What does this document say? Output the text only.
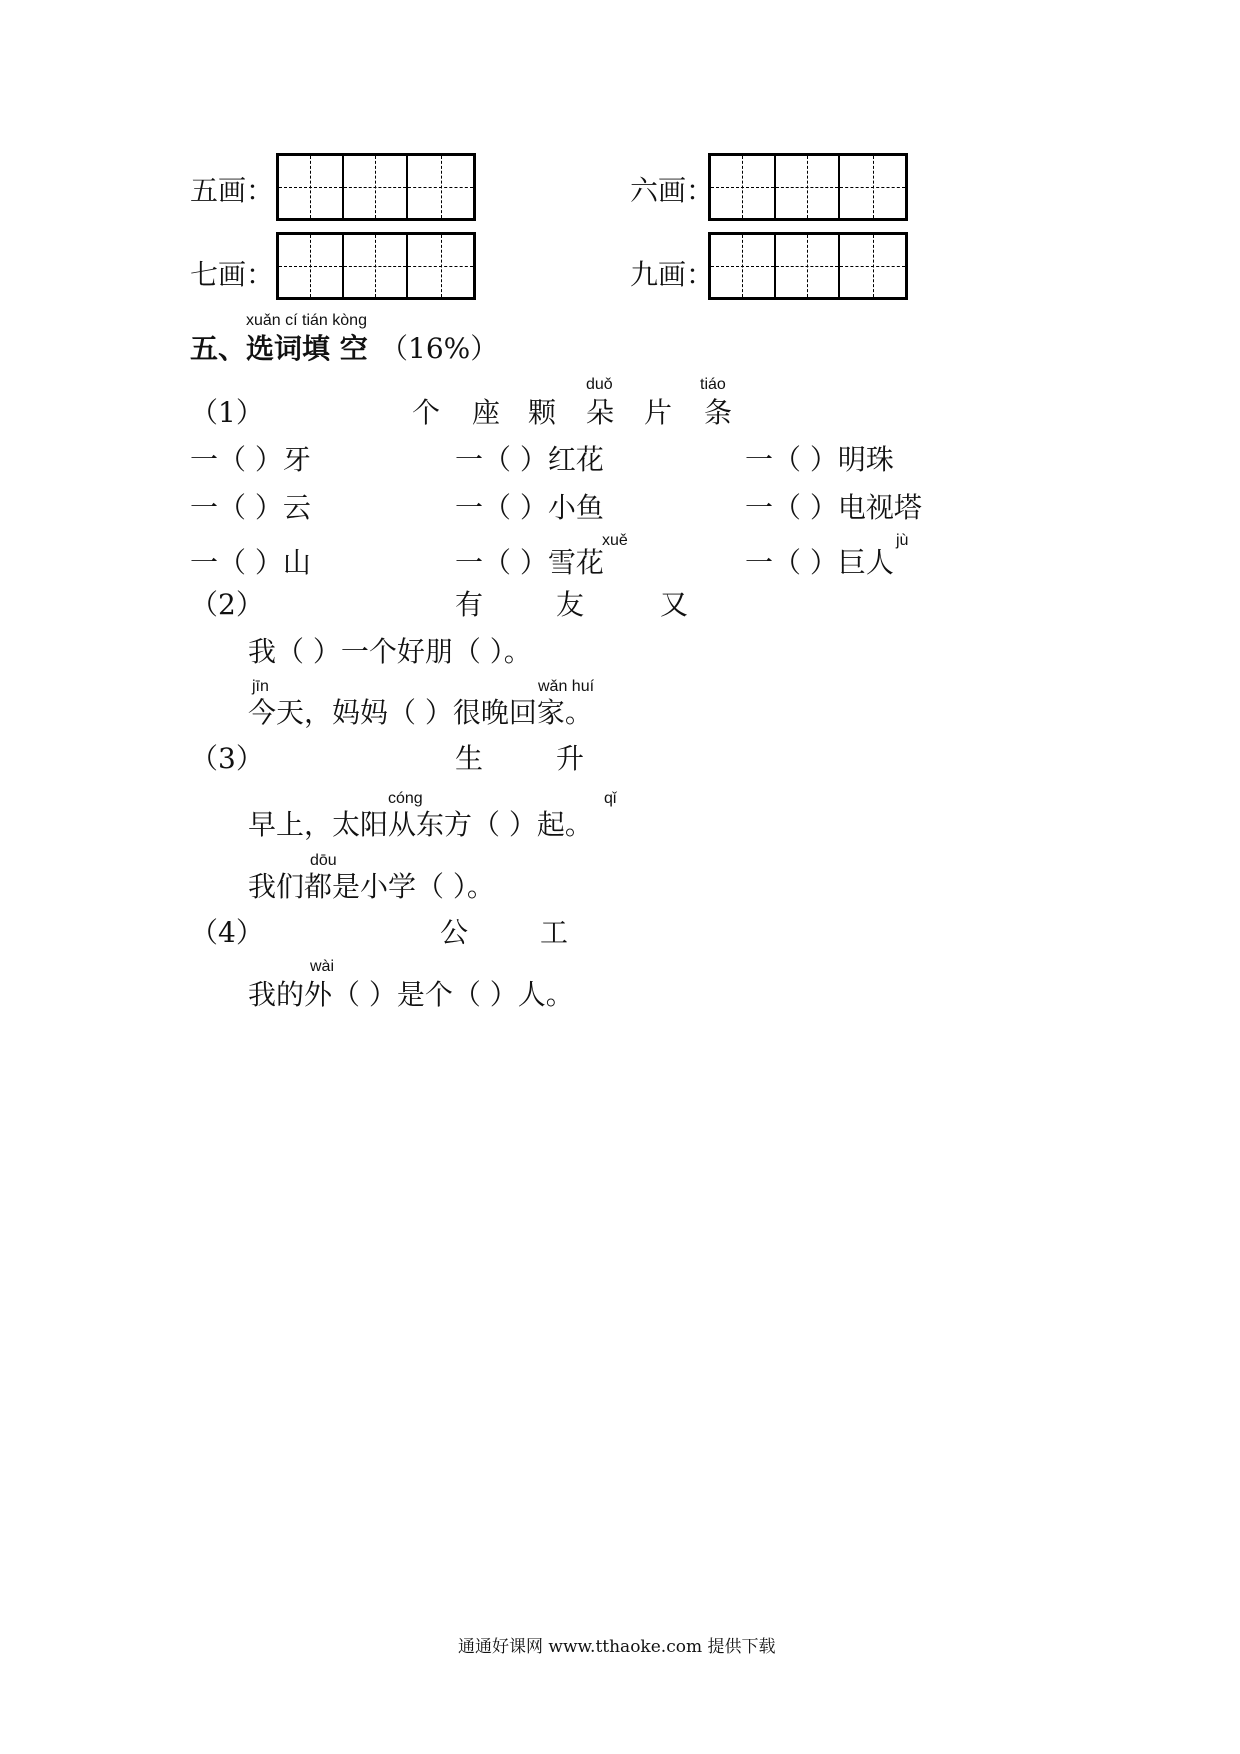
五画：	六画：
七画：	九画：
xuǎn cí tián kòng
五、选词填 空 （16%）
（1）	个 座 颗
duǒ
朵 片
tiáo
条
一（ ）牙	一（ ）红花	一（ ）明珠
一（ ）云	一（ ）小鱼	一（ ）电视塔
xuě	jù
一（ ）山	一（ ）雪花	一（ ）巨人
（2）	有	友	又
我（ ）一个好朋（ ）。
jīn	wǎn huí
今天，妈妈（ ）很晚回家。
（3）	生	升
cóng	qǐ
早上，太阳从东方（ ）起。
dōu
我们都是小学（ ）。
（4）	公	工
wài
我的外（ ）是个（ ）人。
通通好课网 www.tthaoke.com 提供下载
